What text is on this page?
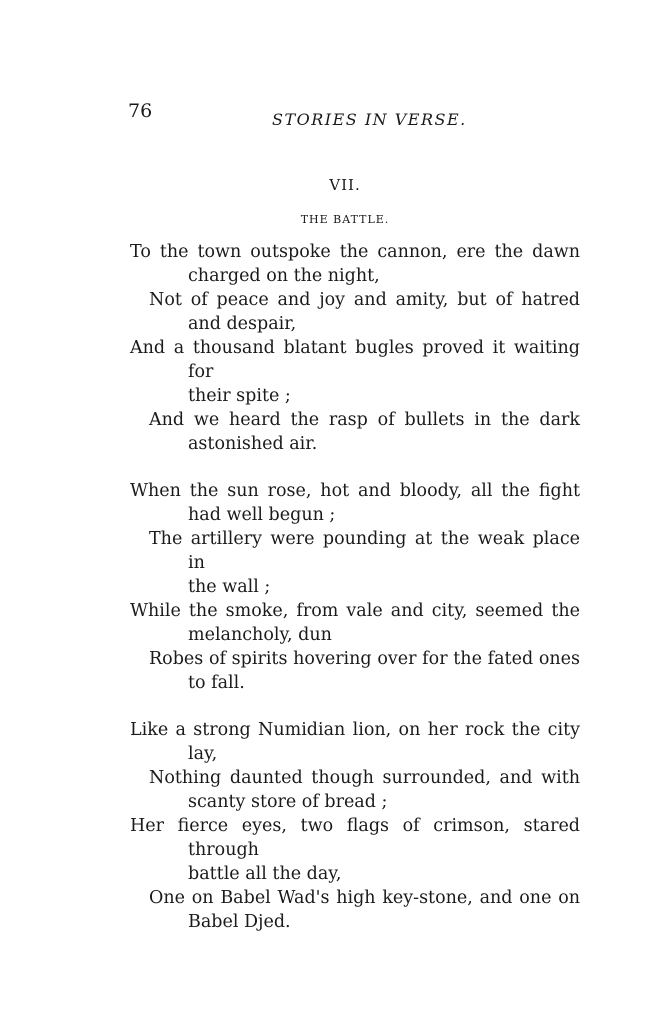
76	STORIES IN VERSE.
VII.
THE BATTLE.
To the town outspoke the cannon, ere the dawn
charged on the night,
Not of peace and joy and amity, but of hatred
and despair,
And a thousand blatant bugles proved it waiting for
their spite ;
And we heard the rasp of bullets in the dark
astonished air.
When the sun rose, hot and bloody, all the fight
had well begun ;
The artillery were pounding at the weak place in
the wall ;
While the smoke, from vale and city, seemed the
melancholy, dun
Robes of spirits hovering over for the fated ones
to fall.
Like a strong Numidian lion, on her rock the city
lay,
Nothing daunted though surrounded, and with
scanty store of bread ;
Her fierce eyes, two flags of crimson, stared through
battle all the day,
One on Babel Wad's high key-stone, and one on
Babel Djed.
